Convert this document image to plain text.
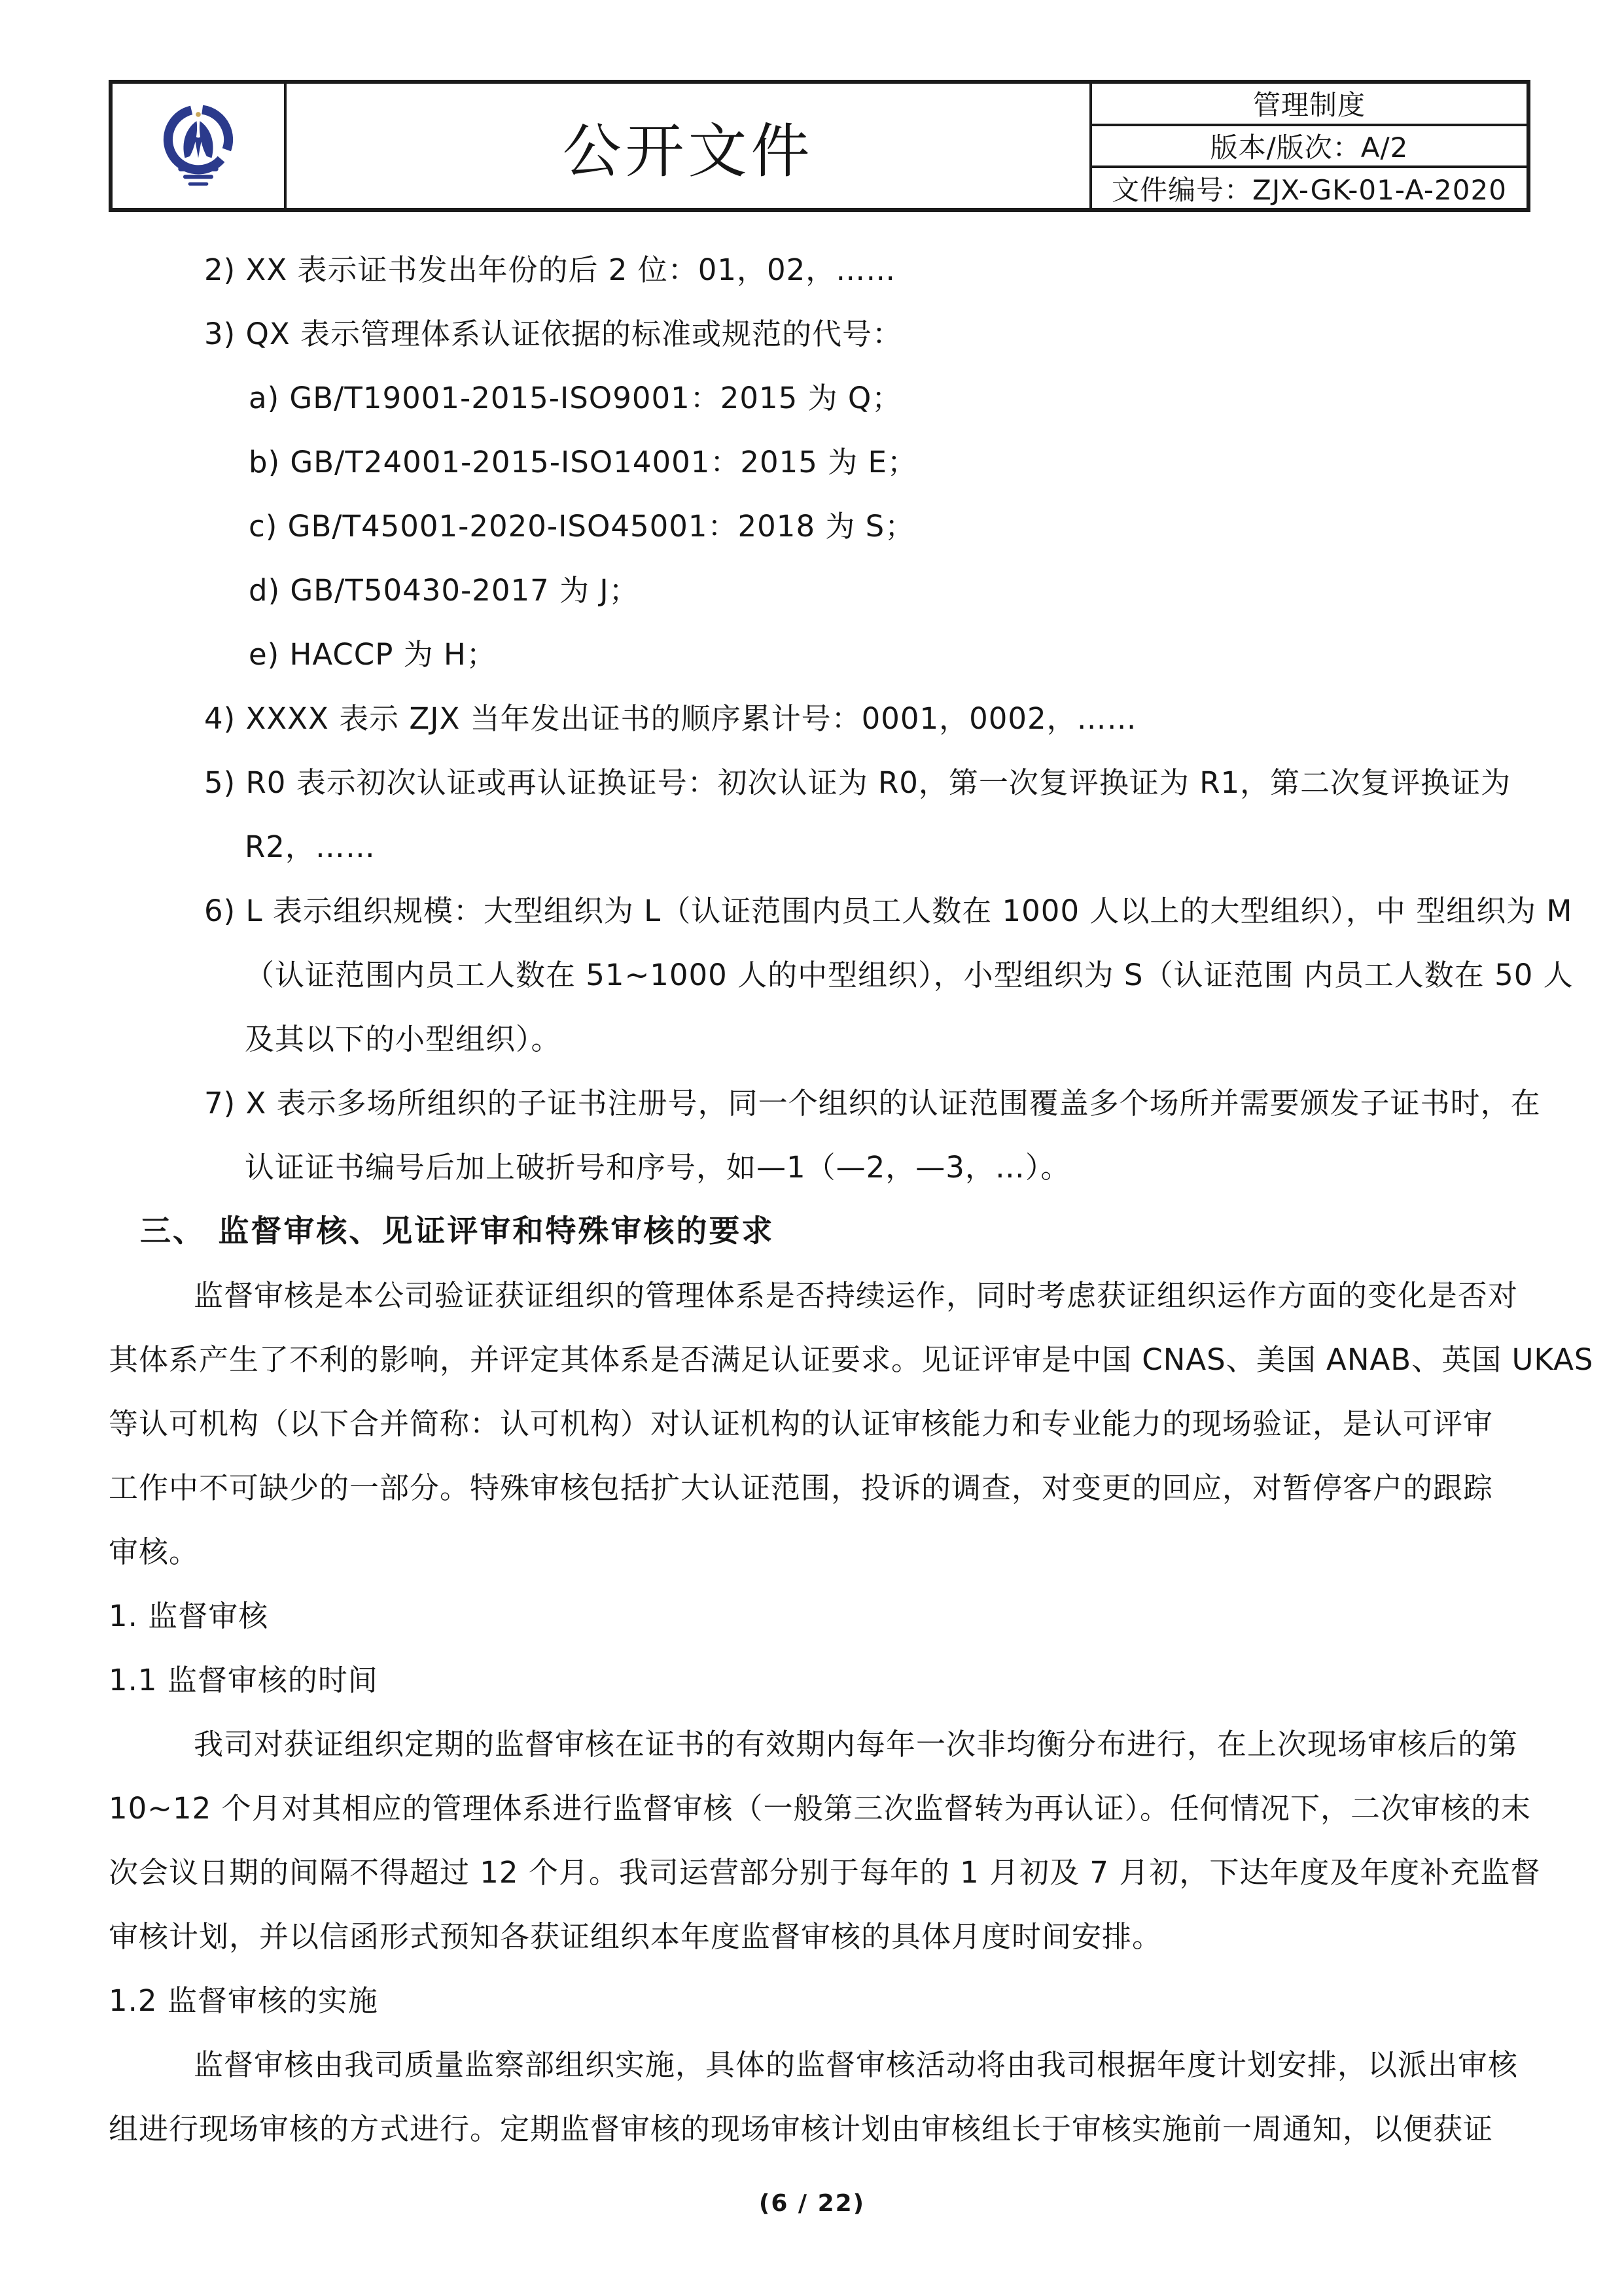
公开文件
管理制度
版本/版次：A/2
文件编号：ZJX-GK-01-A-2020
2) XX 表示证书发出年份的后 2 位：01，02，……
3) QX 表示管理体系认证依据的标准或规范的代号：
a) GB/T19001-2015-ISO9001：2015 为 Q；
b) GB/T24001-2015-ISO14001：2015 为 E；
c) GB/T45001-2020-ISO45001：2018 为 S；
d) GB/T50430-2017 为 J；
e) HACCP 为 H；
4) XXXX 表示 ZJX 当年发出证书的顺序累计号：0001，0002，……
5) R0 表示初次认证或再认证换证号：初次认证为 R0，第一次复评换证为 R1，第二次复评换证为
R2，……
6) L 表示组织规模：大型组织为 L（认证范围内员工人数在 1000 人以上的大型组织），中 型组织为 M
（认证范围内员工人数在 51~1000 人的中型组织），小型组织为 S（认证范围 内员工人数在 50 人
及其以下的小型组织）。
7) X 表示多场所组织的子证书注册号，同一个组织的认证范围覆盖多个场所并需要颁发子证书时，在
认证证书编号后加上破折号和序号，如—1（—2，—3，…）。
三、 监督审核、见证评审和特殊审核的要求
监督审核是本公司验证获证组织的管理体系是否持续运作，同时考虑获证组织运作方面的变化是否对
其体系产生了不利的影响，并评定其体系是否满足认证要求。见证评审是中国 CNAS、美国 ANAB、英国 UKAS
等认可机构（以下合并简称：认可机构）对认证机构的认证审核能力和专业能力的现场验证，是认可评审
工作中不可缺少的一部分。特殊审核包括扩大认证范围，投诉的调查，对变更的回应，对暂停客户的跟踪
审核。
1. 监督审核
1.1 监督审核的时间
我司对获证组织定期的监督审核在证书的有效期内每年一次非均衡分布进行，在上次现场审核后的第
10~12 个月对其相应的管理体系进行监督审核（一般第三次监督转为再认证）。任何情况下，二次审核的末
次会议日期的间隔不得超过 12 个月。我司运营部分别于每年的 1 月初及 7 月初，下达年度及年度补充监督
审核计划，并以信函形式预知各获证组织本年度监督审核的具体月度时间安排。
1.2 监督审核的实施
监督审核由我司质量监察部组织实施，具体的监督审核活动将由我司根据年度计划安排，以派出审核
组进行现场审核的方式进行。定期监督审核的现场审核计划由审核组长于审核实施前一周通知，以便获证
(6 / 22)
